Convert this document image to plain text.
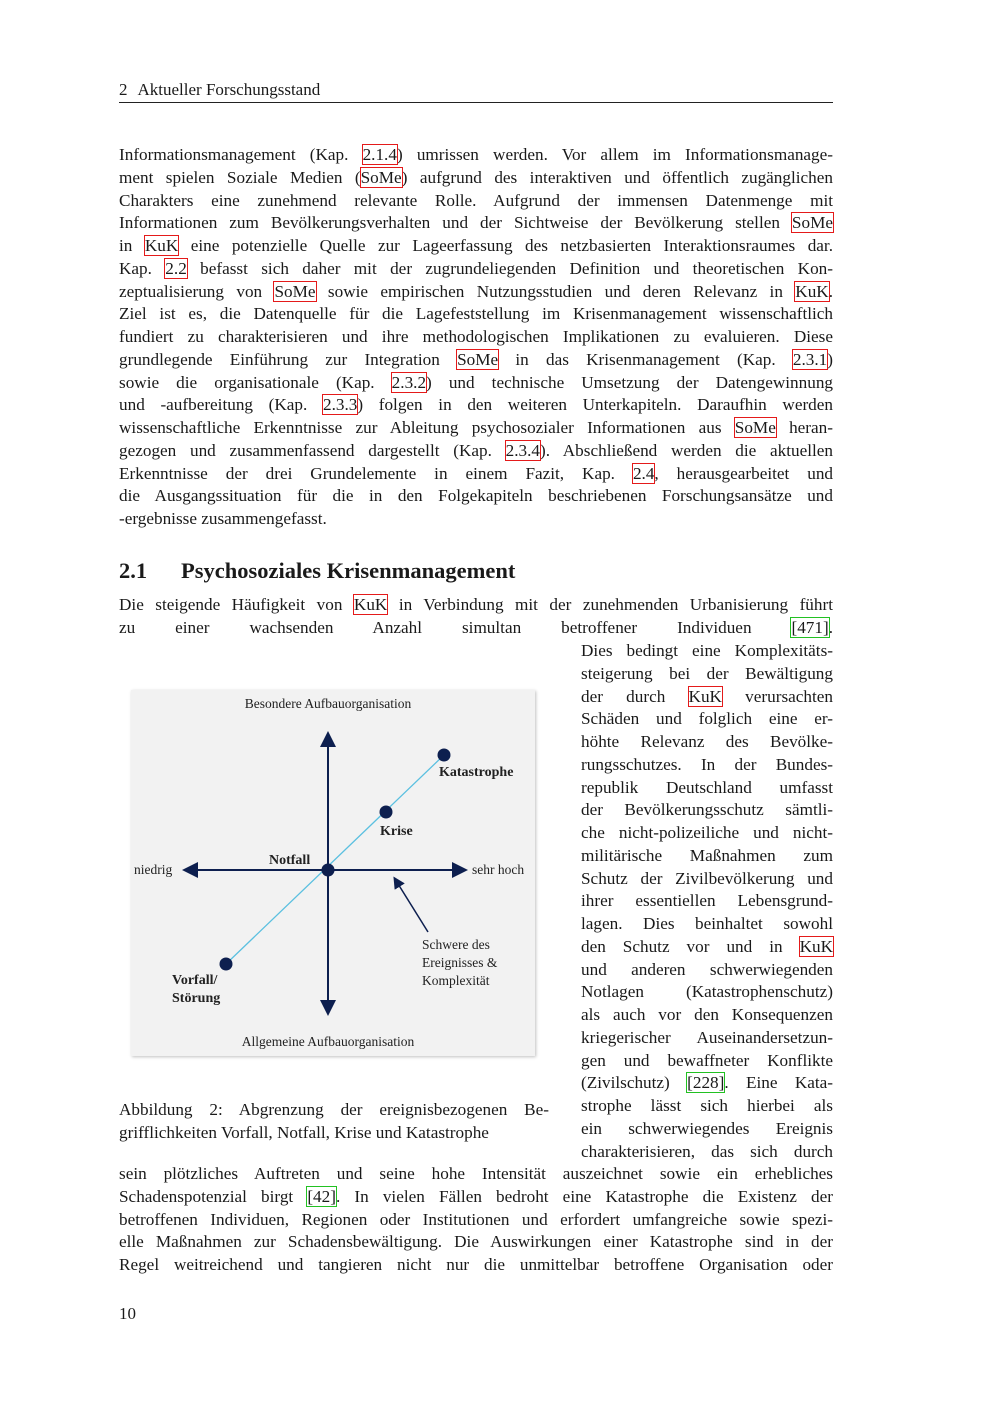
2 Aktueller Forschungsstand
Informationsmanagement (Kap. 2.1.4) umrissen werden. Vor allem im Informationsmanage-
ment spielen Soziale Medien (SoMe) aufgrund des interaktiven und öffentlich zugänglichen
Charakters eine zunehmend relevante Rolle. Aufgrund der immensen Datenmenge mit
Informationen zum Bevölkerungsverhalten und der Sichtweise der Bevölkerung stellen SoMe
in KuK eine potenzielle Quelle zur Lageerfassung des netzbasierten Interaktionsraumes dar.
Kap. 2.2 befasst sich daher mit der zugrundeliegenden Definition und theoretischen Kon-
zeptualisierung von SoMe sowie empirischen Nutzungsstudien und deren Relevanz in KuK.
Ziel ist es, die Datenquelle für die Lagefeststellung im Krisenmanagement wissenschaftlich
fundiert zu charakterisieren und ihre methodologischen Implikationen zu evaluieren. Diese
grundlegende Einführung zur Integration SoMe in das Krisenmanagement (Kap. 2.3.1)
sowie die organisationale (Kap. 2.3.2) und technische Umsetzung der Datengewinnung
und -aufbereitung (Kap. 2.3.3) folgen in den weiteren Unterkapiteln. Daraufhin werden
wissenschaftliche Erkenntnisse zur Ableitung psychosozialer Informationen aus SoMe heran-
gezogen und zusammenfassend dargestellt (Kap. 2.3.4). Abschließend werden die aktuellen
Erkenntnisse der drei Grundelemente in einem Fazit, Kap. 2.4, herausgearbeitet und
die Ausgangssituation für die in den Folgekapiteln beschriebenen Forschungsansätze und
-ergebnisse zusammengefasst.
2.1 Psychosoziales Krisenmanagement
Die steigende Häufigkeit von KuK in Verbindung mit der zunehmenden Urbanisierung führt
zu einer wachsenden Anzahl simultan betroffener Individuen [471].
Dies bedingt eine Komplexitäts-
steigerung bei der Bewältigung
der durch KuK verursachten
Schäden und folglich eine er-
höhte Relevanz des Bevölke-
rungsschutzes. In der Bundes-
republik Deutschland umfasst
der Bevölkerungsschutz sämtli-
che nicht-polizeiliche und nicht-
militärische Maßnahmen zum
Schutz der Zivilbevölkerung und
ihrer essentiellen Lebensgrund-
lagen. Dies beinhaltet sowohl
den Schutz vor und in KuK
und anderen schwerwiegenden
Notlagen (Katastrophenschutz)
als auch vor den Konsequenzen
kriegerischer Auseinandersetzun-
gen und bewaffneter Konflikte
(Zivilschutz) [228]. Eine Kata-
strophe lässt sich hierbei als
ein schwerwiegendes Ereignis
charakterisieren, das sich durch
sein plötzliches Auftreten und seine hohe Intensität auszeichnet sowie ein erhebliches
Schadenspotenzial birgt [42]. In vielen Fällen bedroht eine Katastrophe die Existenz der
betroffenen Individuen, Regionen oder Institutionen und erfordert umfangreiche sowie spezi-
elle Maßnahmen zur Schadensbewältigung. Die Auswirkungen einer Katastrophe sind in der
Regel weitreichend und tangieren nicht nur die unmittelbar betroffene Organisation oder
Besondere Aufbauorganisation
Allgemeine Aufbauorganisation
niedrig	sehr hoch
Katastrophe
Krise
Notfall
Vorfall/
Störung
Schwere des
Ereignisses &
Komplexität
Abbildung 2: Abgrenzung der ereignisbezogenen Be-
grifflichkeiten Vorfall, Notfall, Krise und Katastrophe
10
